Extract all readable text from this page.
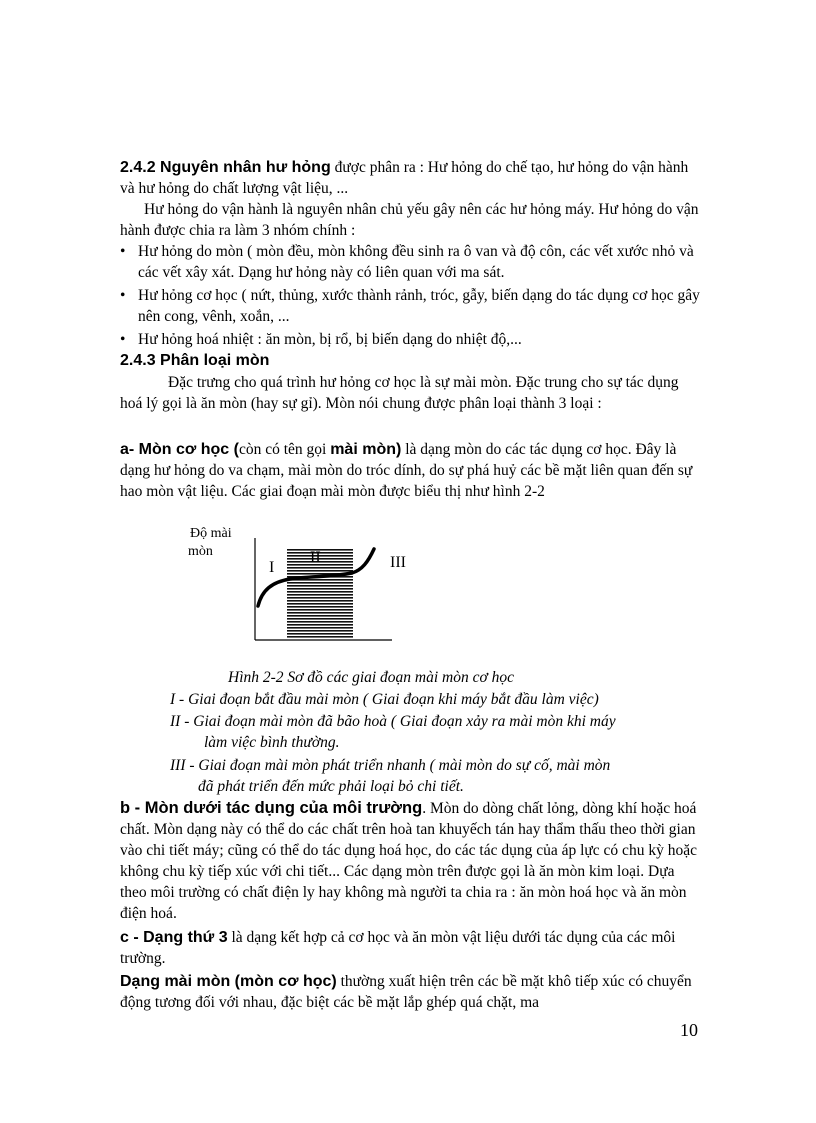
2.4.2 Nguyên nhân hư hỏng được phân ra : Hư hỏng do chế tạo, hư hỏng do vận hành và hư hỏng do chất lượng vật liệu, ...
Hư hỏng do vận hành là nguyên nhân chủ yếu gây nên các hư hỏng máy. Hư hỏng do vận hành được chia ra làm 3 nhóm chính :
• Hư hỏng do mòn ( mòn đều, mòn không đều sinh ra ô van và độ côn, các vết xước nhỏ và các vết xây xát. Dạng hư hỏng này có liên quan với ma sát.
• Hư hỏng cơ học ( nứt, thủng, xước thành rảnh, tróc, gẫy, biến dạng do tác dụng cơ học gây nên cong, vênh, xoắn, ...
• Hư hỏng hoá nhiệt : ăn mòn, bị rổ, bị biến dạng do nhiệt độ,...
2.4.3 Phân loại mòn
Đặc trưng cho quá trình hư hỏng cơ học là sự mài mòn. Đặc trung cho sự tác dụng hoá lý gọi là ăn mòn (hay sự gỉ). Mòn nói chung được phân loại thành 3 loại :
a- Mòn cơ học (còn có tên gọi mài mòn) là dạng mòn do các tác dụng cơ học. Đây là dạng hư hỏng do va chạm, mài mòn do tróc dính, do sự phá huỷ các bề mặt liên quan đến sự hao mòn vật liệu. Các giai đoạn mài mòn được biểu thị như hình 2-2
Độ mài
mòn
I
II	III
Hình 2-2 Sơ đồ các giai đoạn mài mòn cơ học
I - Giai đoạn bắt đầu mài mòn ( Giai đoạn khi máy bắt đầu làm việc)
II - Giai đoạn mài mòn đã bão hoà ( Giai đoạn xảy ra mài mòn khi máy
làm việc bình thường.
III - Giai đoạn mài mòn phát triển nhanh ( mài mòn do sự cố, mài mòn
đã phát triển đến mức phải loại bỏ chi tiết.
b - Mòn dưới tác dụng của môi trường. Mòn do dòng chất lỏng, dòng khí hoặc hoá chất. Mòn dạng này có thể do các chất trên hoà tan khuyếch tán hay thẩm thấu theo thời gian vào chi tiết máy; cũng có thể do tác dụng hoá học, do các tác dụng của áp lực có chu kỳ hoặc không chu kỳ tiếp xúc với chi tiết... Các dạng mòn trên được gọi là ăn mòn kim loại. Dựa theo môi trường có chất điện ly hay không mà người ta chia ra : ăn mòn hoá học và ăn mòn điện hoá.
c - Dạng thứ 3 là dạng kết hợp cả cơ học và ăn mòn vật liệu dưới tác dụng của các môi trường.
Dạng mài mòn (mòn cơ học) thường xuất hiện trên các bề mặt khô tiếp xúc có chuyển động tương đối với nhau, đặc biệt các bề mặt lắp ghép quá chặt, ma
10
